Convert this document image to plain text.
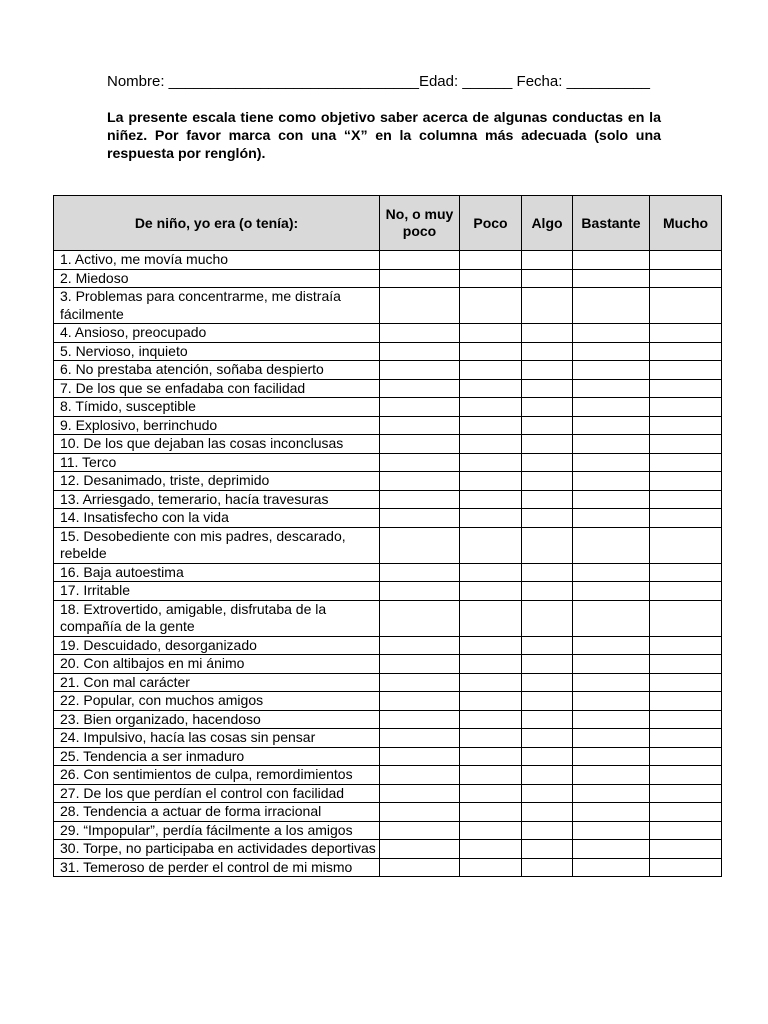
Nombre: ______________________________Edad: ______ Fecha: __________
La presente escala tiene como objetivo saber acerca de algunas conductas en la niñez. Por favor marca con una “X” en la columna más adecuada (solo una respuesta por renglón).
De niño, yo era (o tenía):	No, o muy poco	Poco	Algo	Bastante	Mucho
1. Activo, me movía mucho					
2. Miedoso					
3. Problemas para concentrarme, me distraía fácilmente					
4. Ansioso, preocupado					
5. Nervioso, inquieto					
6. No prestaba atención, soñaba despierto					
7. De los que se enfadaba con facilidad					
8. Tímido, susceptible					
9. Explosivo, berrinchudo					
10. De los que dejaban las cosas inconclusas					
11. Terco					
12. Desanimado, triste, deprimido					
13. Arriesgado, temerario, hacía travesuras					
14. Insatisfecho con la vida					
15. Desobediente con mis padres, descarado, rebelde					
16. Baja autoestima					
17. Irritable					
18. Extrovertido, amigable, disfrutaba de la compañía de la gente					
19. Descuidado, desorganizado					
20. Con altibajos en mi ánimo					
21. Con mal carácter					
22. Popular, con muchos amigos					
23. Bien organizado, hacendoso					
24. Impulsivo, hacía las cosas sin pensar					
25. Tendencia a ser inmaduro					
26. Con sentimientos de culpa, remordimientos					
27. De los que perdían el control con facilidad					
28. Tendencia a actuar de forma irracional					
29. “Impopular”, perdía fácilmente a los amigos					
30. Torpe, no participaba en actividades deportivas					
31. Temeroso de perder el control de mi mismo					
